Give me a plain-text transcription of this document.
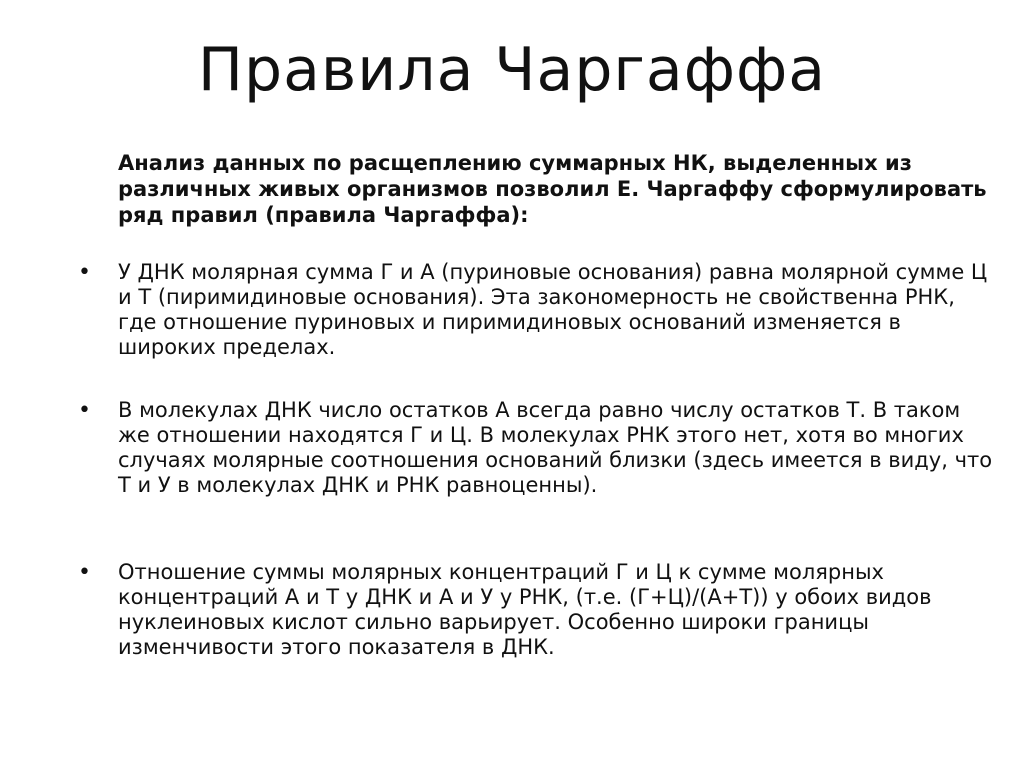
Правила Чаргаффа

Анализ данных по расщеплению суммарных НК, выделенных из различных живых организмов позволил Е. Чаргаффу сформулировать ряд правил (правила Чаргаффа):

• У ДНК молярная сумма Г и А (пуриновые основания) равна молярной сумме Ц и Т (пиримидиновые основания). Эта закономерность не свойственна РНК, где отношение пуриновых и пиримидиновых оснований изменяется в широких пределах.

• В молекулах ДНК число остатков А всегда равно числу остатков Т. В таком же отношении находятся Г и Ц. В молекулах РНК этого нет, хотя во многих случаях молярные соотношения оснований близки (здесь имеется в виду, что Т и У в молекулах ДНК и РНК равноценны).

• Отношение суммы молярных концентраций Г и Ц к сумме молярных концентраций А и Т у ДНК и А и У у РНК, (т.е. (Г+Ц)/(А+Т)) у обоих видов нуклеиновых кислот сильно варьирует. Особенно широки границы изменчивости этого показателя в ДНК.
